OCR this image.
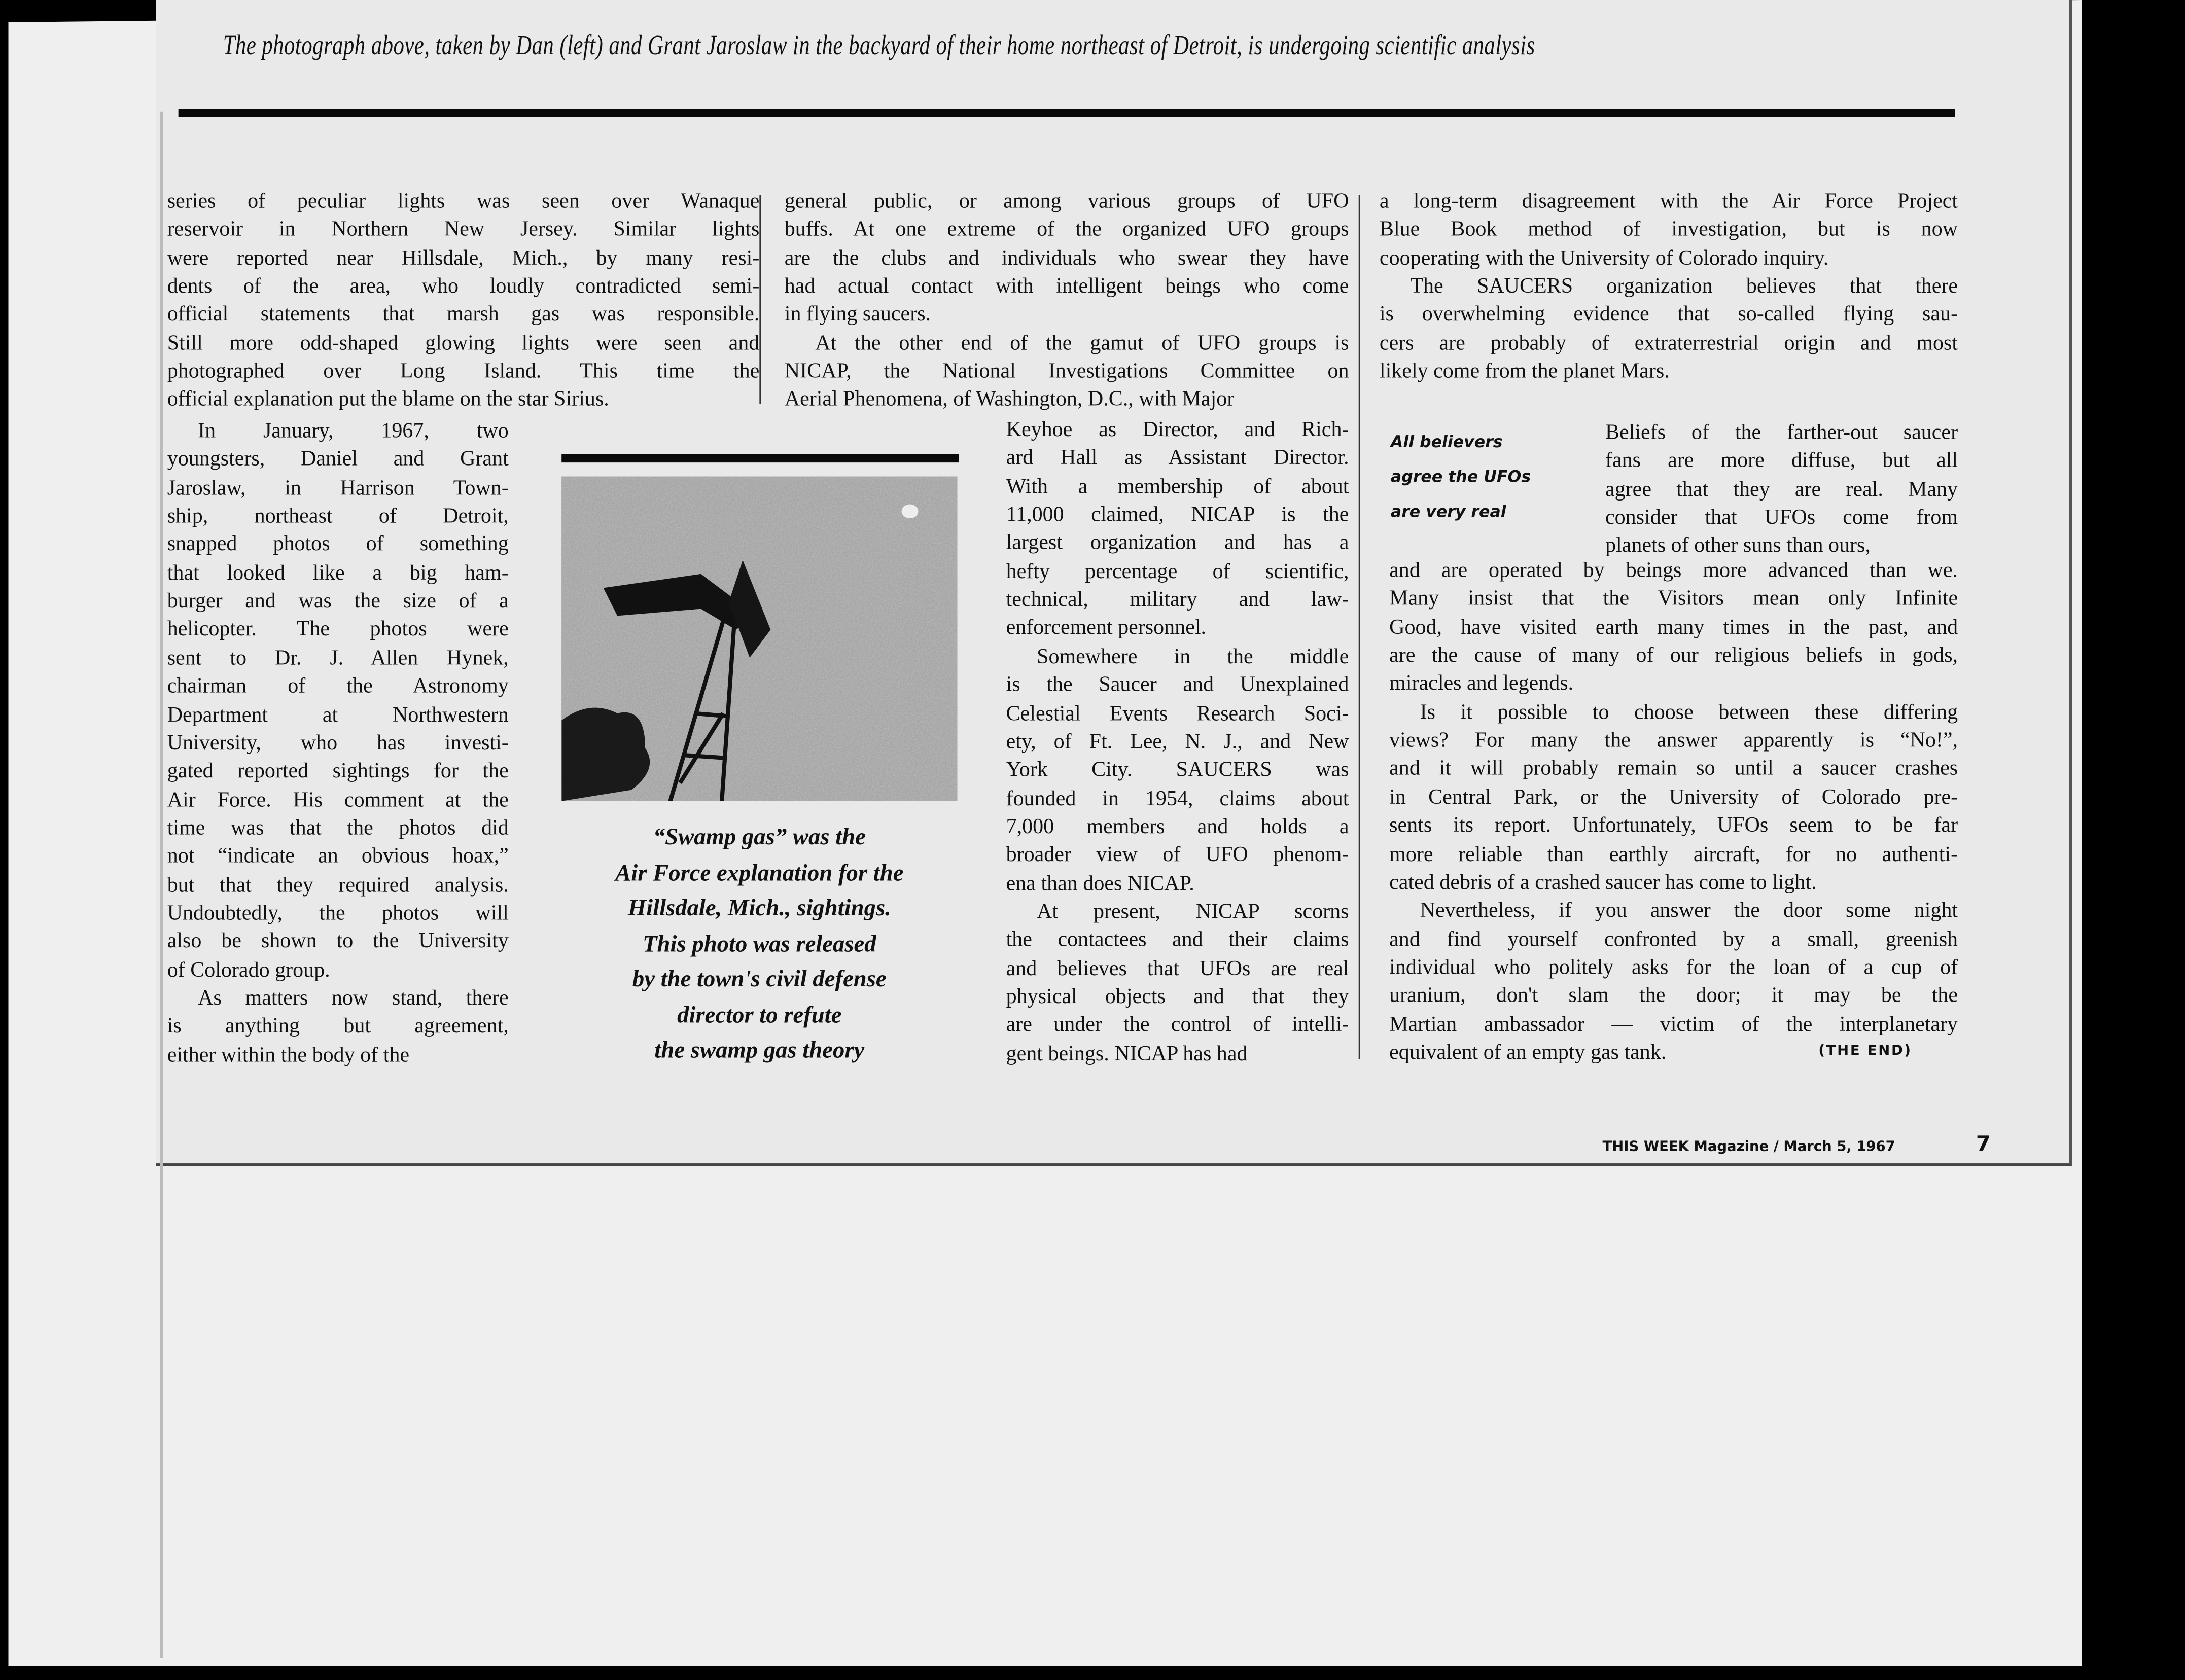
The photograph above, taken by Dan (left) and Grant Jaroslaw in the backyard of their home northeast of Detroit, is undergoing scientific analysis
series of peculiar lights was seen over Wanaque
reservoir in Northern New Jersey. Similar lights
were reported near Hillsdale, Mich., by many resi-
dents of the area, who loudly contradicted semi-
official statements that marsh gas was responsible.
Still more odd-shaped glowing lights were seen and
photographed over Long Island. This time the
official explanation put the blame on the star Sirius.
In January, 1967, two
youngsters, Daniel and Grant
Jaroslaw, in Harrison Town-
ship, northeast of Detroit,
snapped photos of something
that looked like a big ham-
burger and was the size of a
helicopter. The photos were
sent to Dr. J. Allen Hynek,
chairman of the Astronomy
Department at Northwestern
University, who has investi-
gated reported sightings for the
Air Force. His comment at the
time was that the photos did
not “indicate an obvious hoax,”
but that they required analysis.
Undoubtedly, the photos will
also be shown to the University
of Colorado group.
As matters now stand, there
is anything but agreement,
either within the body of the
general public, or among various groups of UFO
buffs. At one extreme of the organized UFO groups
are the clubs and individuals who swear they have
had actual contact with intelligent beings who come
in flying saucers.
At the other end of the gamut of UFO groups is
NICAP, the National Investigations Committee on
Aerial Phenomena, of Washington, D.C., with Major
Keyhoe as Director, and Rich-
ard Hall as Assistant Director.
With a membership of about
11,000 claimed, NICAP is the
largest organization and has a
hefty percentage of scientific,
technical, military and law-
enforcement personnel.
Somewhere in the middle
is the Saucer and Unexplained
Celestial Events Research Soci-
ety, of Ft. Lee, N. J., and New
York City. SAUCERS was
founded in 1954, claims about
7,000 members and holds a
broader view of UFO phenom-
ena than does NICAP.
At present, NICAP scorns
the contactees and their claims
and believes that UFOs are real
physical objects and that they
are under the control of intelli-
gent beings. NICAP has had
a long-term disagreement with the Air Force Project
Blue Book method of investigation, but is now
cooperating with the University of Colorado inquiry.
The SAUCERS organization believes that there
is overwhelming evidence that so-called flying sau-
cers are probably of extraterrestrial origin and most
likely come from the planet Mars.
Beliefs of the farther-out saucer
fans are more diffuse, but all
agree that they are real. Many
consider that UFOs come from
planets of other suns than ours,
and are operated by beings more advanced than we.
Many insist that the Visitors mean only Infinite
Good, have visited earth many times in the past, and
are the cause of many of our religious beliefs in gods,
miracles and legends.
Is it possible to choose between these differing
views? For many the answer apparently is “No!”,
and it will probably remain so until a saucer crashes
in Central Park, or the University of Colorado pre-
sents its report. Unfortunately, UFOs seem to be far
more reliable than earthly aircraft, for no authenti-
cated debris of a crashed saucer has come to light.
Nevertheless, if you answer the door some night
and find yourself confronted by a small, greenish
individual who politely asks for the loan of a cup of
uranium, don't slam the door; it may be the
Martian ambassador — victim of the interplanetary
equivalent of an empty gas tank.
“Swamp gas” was the
Air Force explanation for the
Hillsdale, Mich., sightings.
This photo was released
by the town's civil defense
director to refute
the swamp gas theory
All believers
agree the UFOs
are very real
(THE END)
THIS WEEK Magazine / March 5, 1967	7
